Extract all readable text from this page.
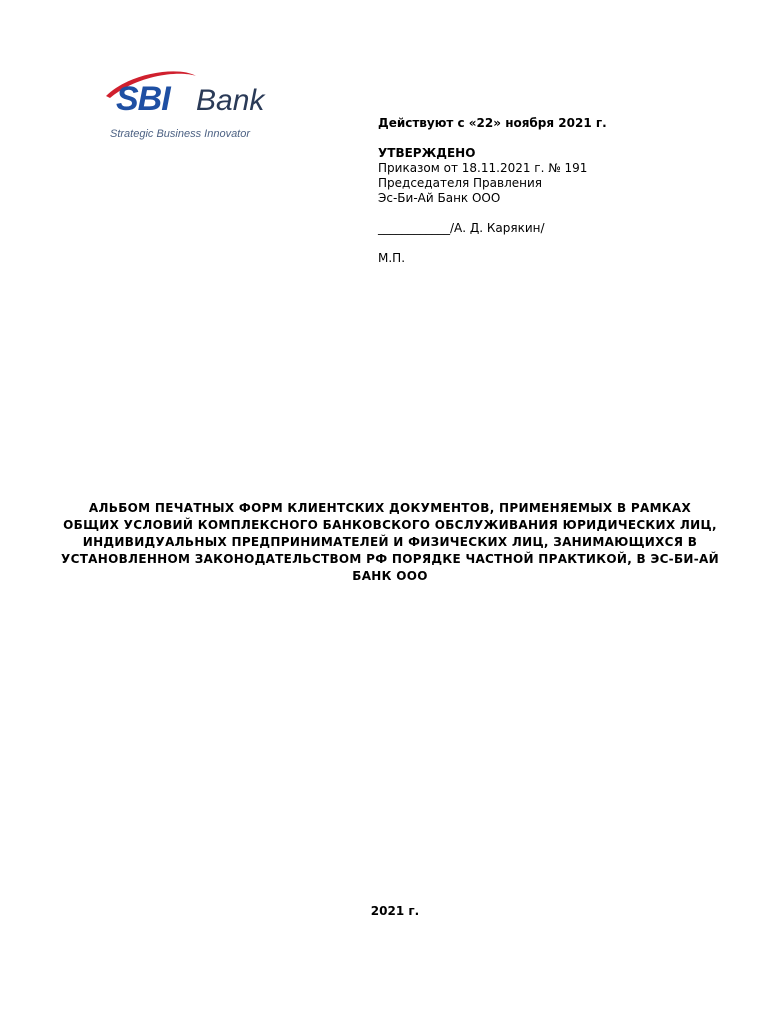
SBI Bank
Strategic Business Innovator
Действуют с «22» ноября 2021 г.
УТВЕРЖДЕНО
Приказом от 18.11.2021 г. № 191
Председателя Правления
Эс-Би-Ай Банк ООО
____________/А. Д. Карякин/
М.П.
АЛЬБОМ ПЕЧАТНЫХ ФОРМ КЛИЕНТСКИХ ДОКУМЕНТОВ, ПРИМЕНЯЕМЫХ В РАМКАХ ОБЩИХ УСЛОВИЙ КОМПЛЕКСНОГО БАНКОВСКОГО ОБСЛУЖИВАНИЯ ЮРИДИЧЕСКИХ ЛИЦ, ИНДИВИДУАЛЬНЫХ ПРЕДПРИНИМАТЕЛЕЙ И ФИЗИЧЕСКИХ ЛИЦ, ЗАНИМАЮЩИХСЯ В УСТАНОВЛЕННОМ ЗАКОНОДАТЕЛЬСТВОМ РФ ПОРЯДКЕ ЧАСТНОЙ ПРАКТИКОЙ, В ЭС-БИ-АЙ БАНК ООО
2021 г.
